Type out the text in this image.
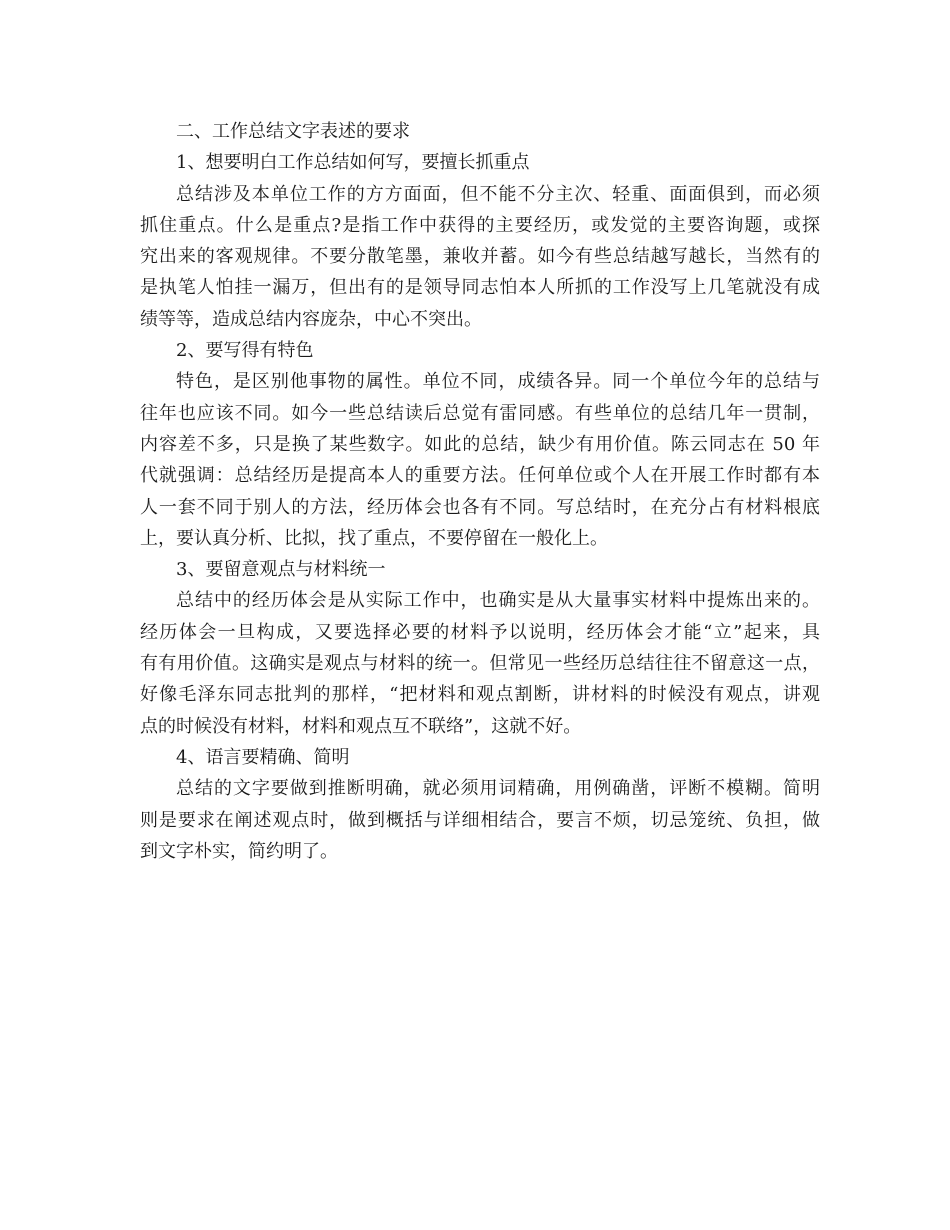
二、工作总结文字表述的要求
1、想要明白工作总结如何写，要擅长抓重点
总结涉及本单位工作的方方面面，但不能不分主次、轻重、面面俱到，而必须
抓住重点。什么是重点?是指工作中获得的主要经历，或发觉的主要咨询题，或探
究出来的客观规律。不要分散笔墨，兼收并蓄。如今有些总结越写越长，当然有的
是执笔人怕挂一漏万，但出有的是领导同志怕本人所抓的工作没写上几笔就没有成
绩等等，造成总结内容庞杂，中心不突出。
2、要写得有特色
特色，是区别他事物的属性。单位不同，成绩各异。同一个单位今年的总结与
往年也应该不同。如今一些总结读后总觉有雷同感。有些单位的总结几年一贯制，
内容差不多，只是换了某些数字。如此的总结，缺少有用价值。陈云同志在 50 年
代就强调：总结经历是提高本人的重要方法。任何单位或个人在开展工作时都有本
人一套不同于别人的方法，经历体会也各有不同。写总结时，在充分占有材料根底
上，要认真分析、比拟，找了重点，不要停留在一般化上。
3、要留意观点与材料统一
总结中的经历体会是从实际工作中，也确实是从大量事实材料中提炼出来的。
经历体会一旦构成，又要选择必要的材料予以说明，经历体会才能“立”起来，具
有有用价值。这确实是观点与材料的统一。但常见一些经历总结往往不留意这一点，
好像毛泽东同志批判的那样，“把材料和观点割断，讲材料的时候没有观点，讲观
点的时候没有材料，材料和观点互不联络”，这就不好。
4、语言要精确、简明
总结的文字要做到推断明确，就必须用词精确，用例确凿，评断不模糊。简明
则是要求在阐述观点时，做到概括与详细相结合，要言不烦，切忌笼统、负担，做
到文字朴实，简约明了。
